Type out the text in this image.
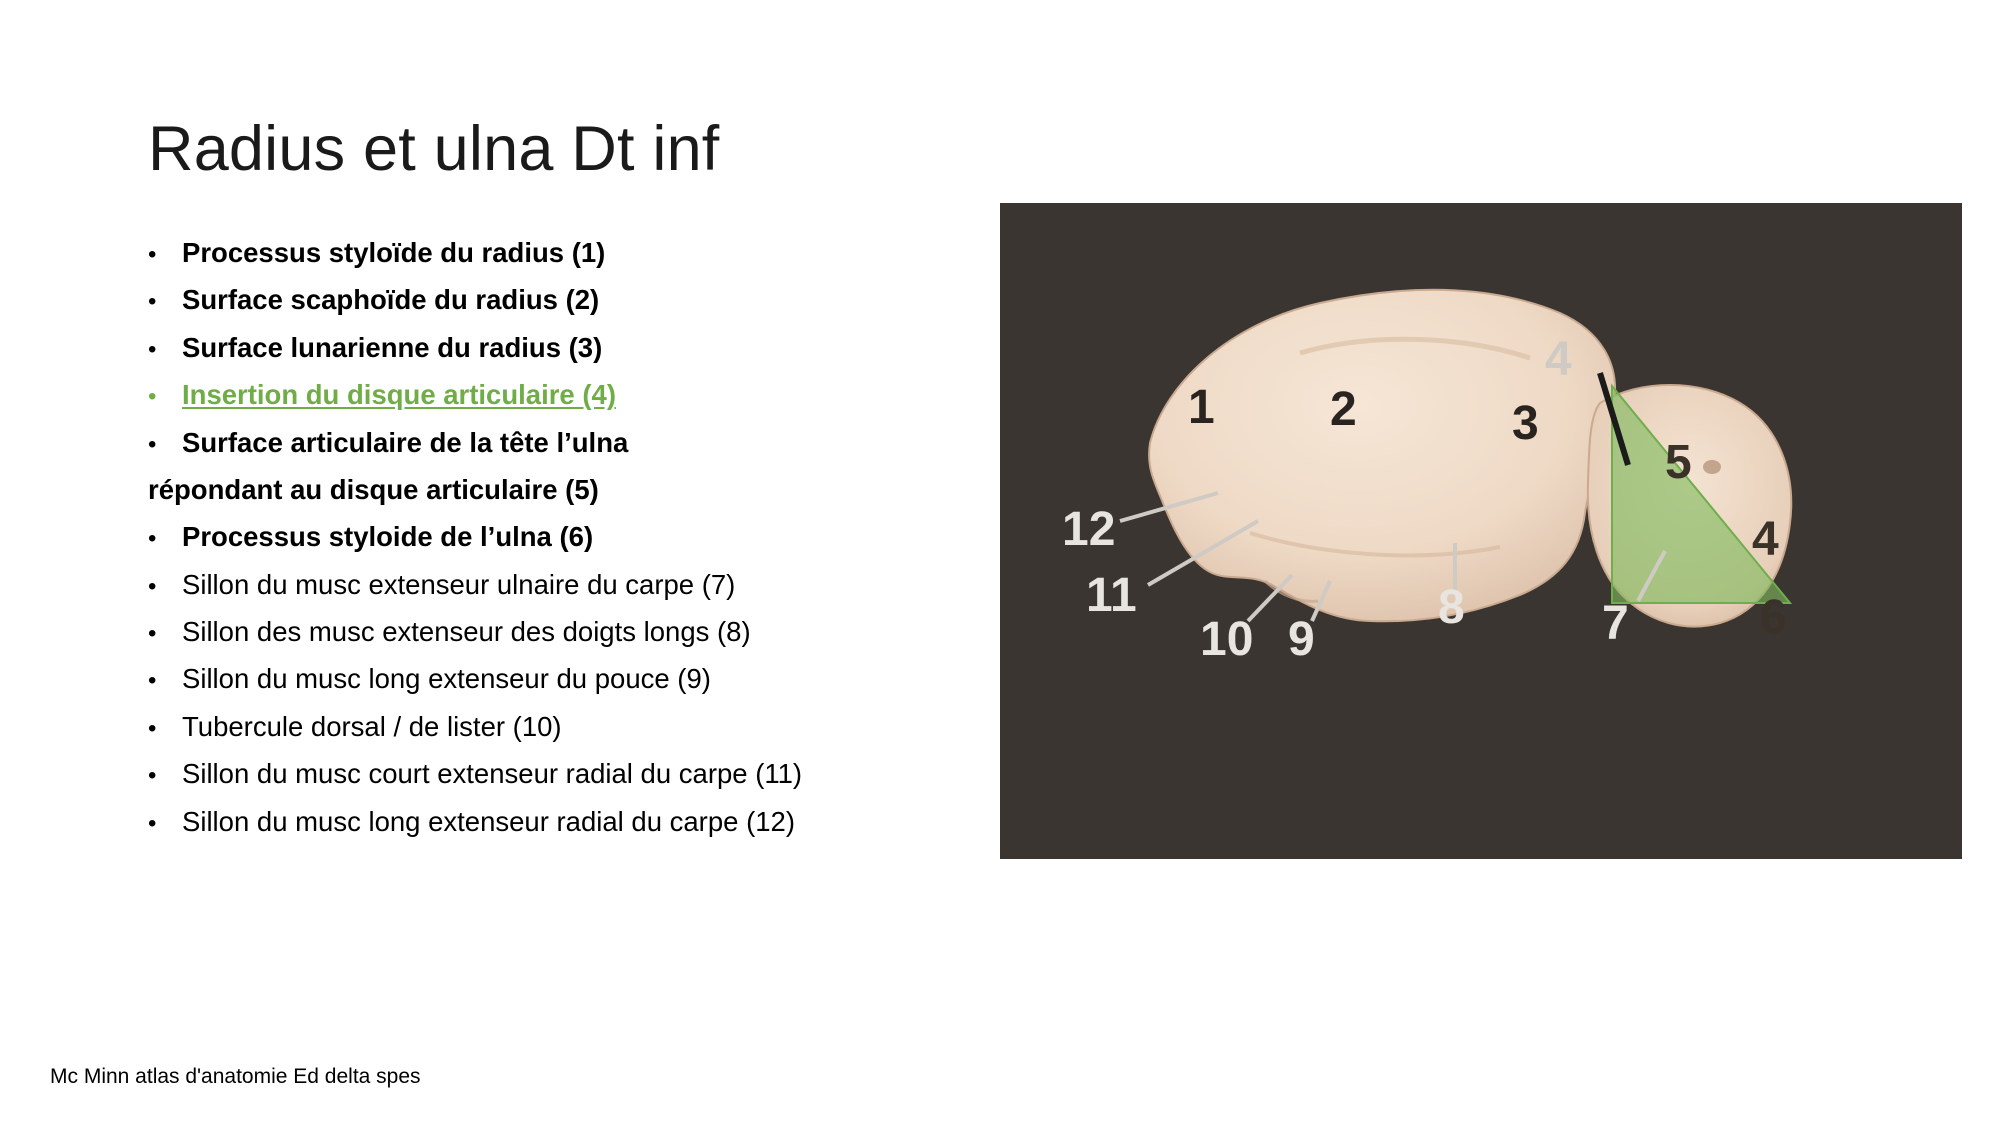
Radius et ulna Dt inf
• Processus styloïde du radius (1)
• Surface scaphoïde du radius (2)
• Surface lunarienne du radius (3)
• Insertion du disque articulaire (4)
• Surface articulaire de la tête l’ulna
répondant au disque articulaire (5)
• Processus styloide de l’ulna (6)
• Sillon du musc extenseur ulnaire du carpe (7)
• Sillon des musc extenseur des doigts longs (8)
• Sillon du musc long extenseur du pouce (9)
• Tubercule dorsal / de lister (10)
• Sillon du musc court extenseur radial du carpe (11)
• Sillon du musc long extenseur radial du carpe (12)
Mc Minn atlas d'anatomie Ed delta spes
1 2	3
4
5
4
6
12
11
10 9
8	7
